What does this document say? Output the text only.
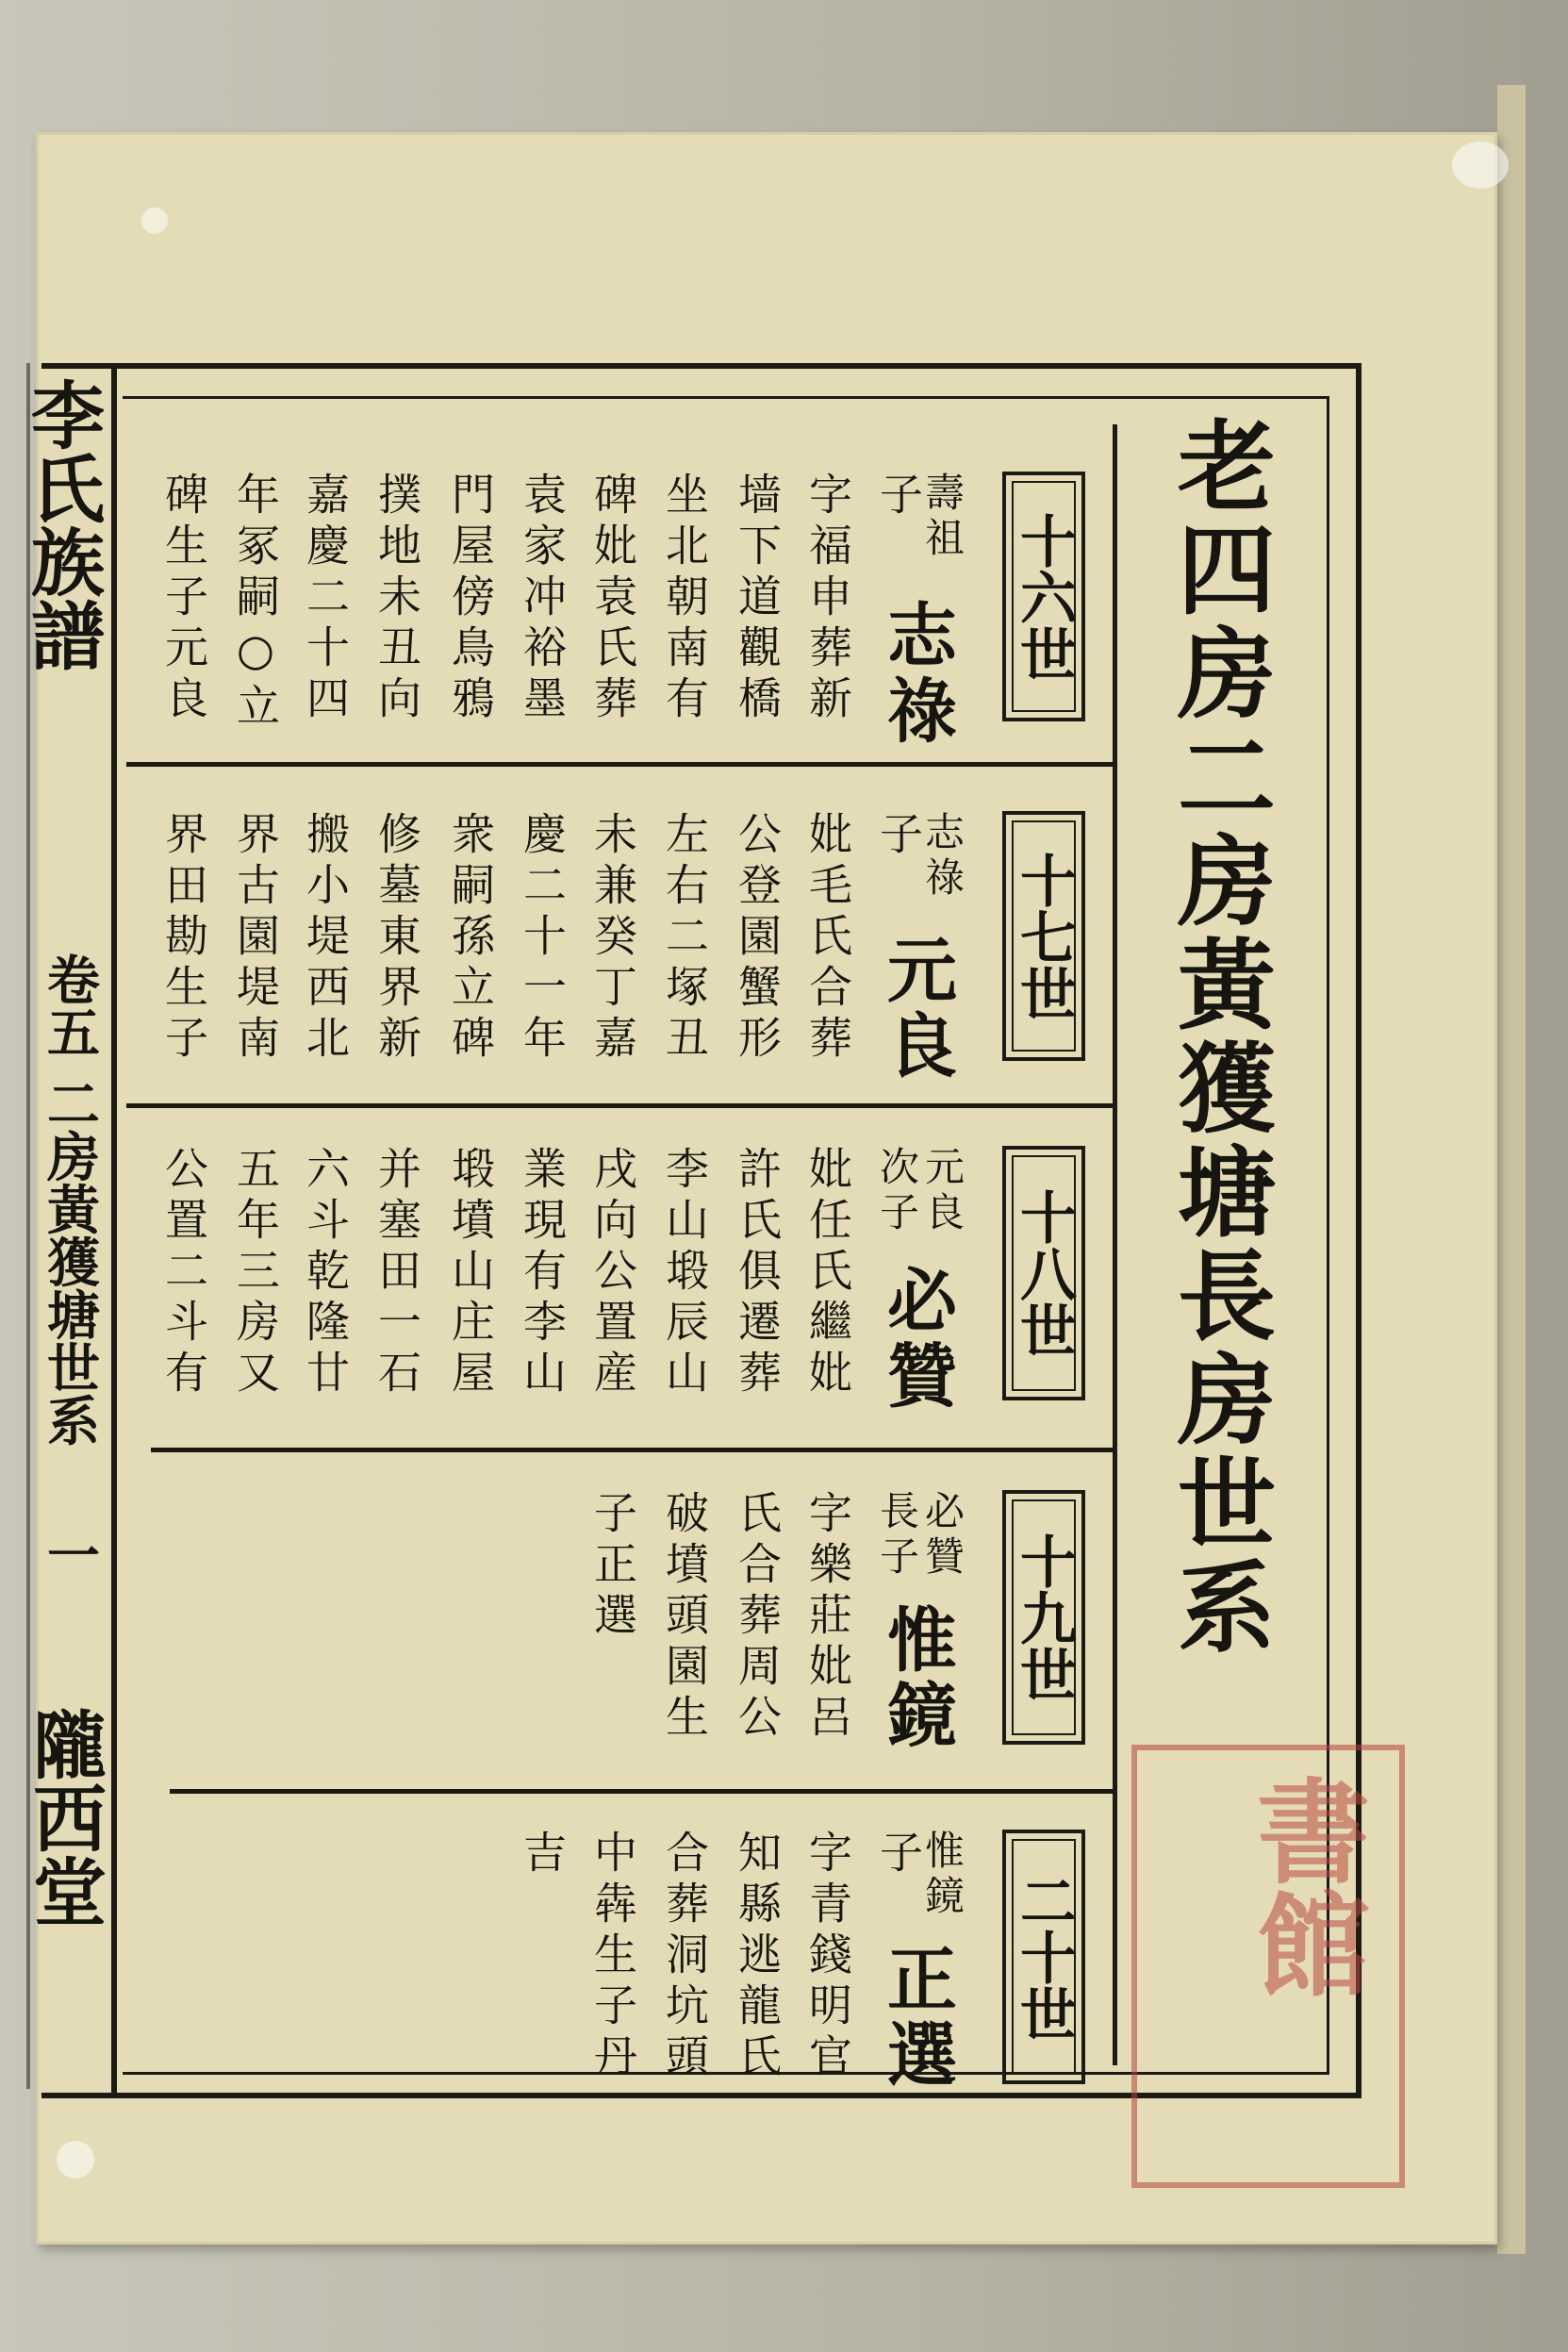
老四房二房黃獲塘長房世系
李氏族譜
卷五 二房黃獲塘世系
一
隴西堂
十六世
壽祖
子
志祿
字福申葬新
墙下道觀橋
坐北朝南有
碑妣袁氏葬
袁家冲裕墨
門屋傍鳥鴉
撲地未丑向
嘉慶二十四
年冢嗣○立
碑生子元良
十七世
志祿
子
元良
妣毛氏合葬
公登園蟹形
左右二塚丑
未兼癸丁嘉
慶二十一年
衆嗣孫立碑
修墓東界新
搬小堤西北
界古園堤南
界田勘生子
十八世
元良
次子
必贊
妣任氏繼妣
許氏俱遷葬
李山塅辰山
戌向公置産
業現有李山
塅墳山庄屋
并塞田一石
六斗乾隆廿
五年三房又
公置二斗有
十九世
必贊
長子
惟鏡
字樂莊妣呂
氏合葬周公
破墳頭園生
子正選
二十世
惟鏡
子
正選
字青錢明官
知縣逃龍氏
合葬洞坑頭
中犇生子丹
吉	書館
